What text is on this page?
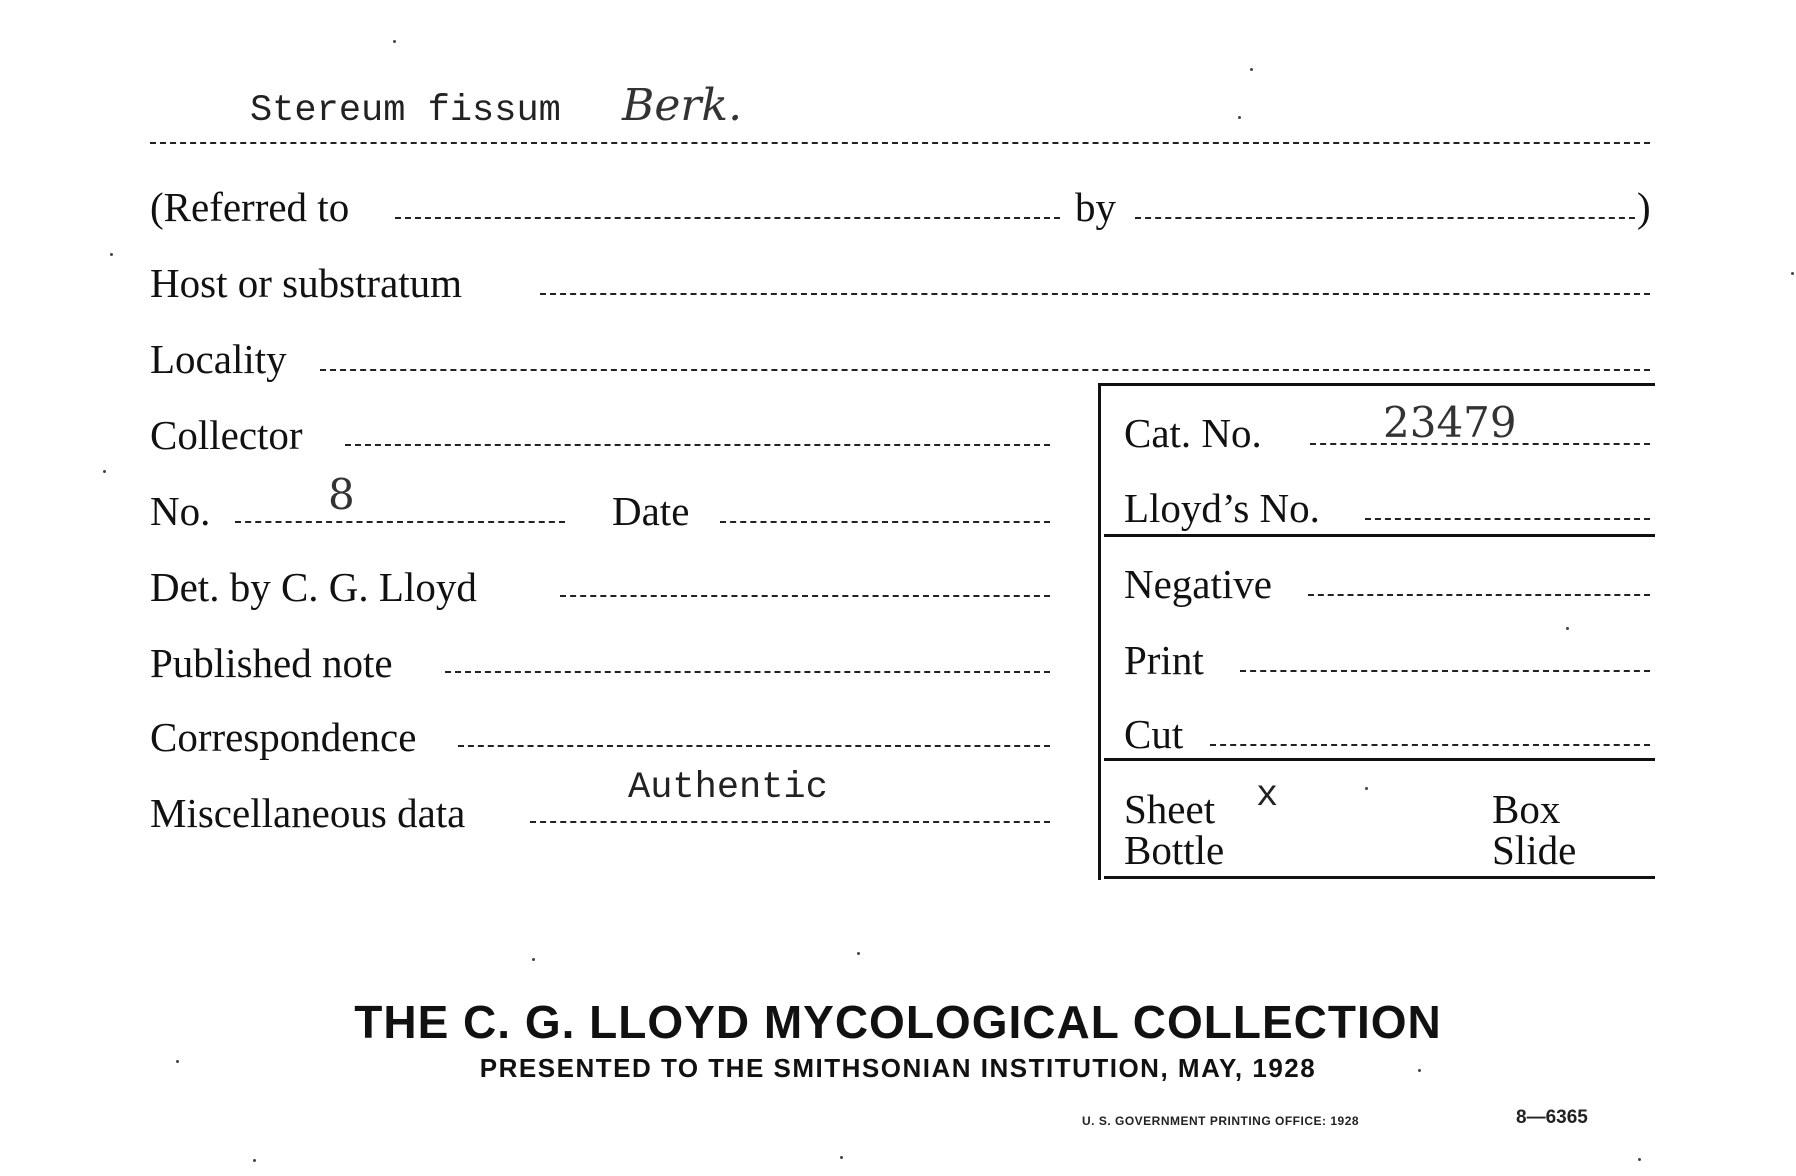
Stereum fissum Berk.
(Referred to	by	)
Host or substratum
Locality
Collector
No.	8	Date
Det. by C. G. Lloyd
Published note
Correspondence
Miscellaneous data
Authentic
Cat. No.	23479
Lloyd’s No.
Negative
Print
Cut
Sheet x	Box
Bottle	Slide
THE C. G. LLOYD MYCOLOGICAL COLLECTION
PRESENTED TO THE SMITHSONIAN INSTITUTION, MAY, 1928
U. S. GOVERNMENT PRINTING OFFICE: 1928	8—6365
